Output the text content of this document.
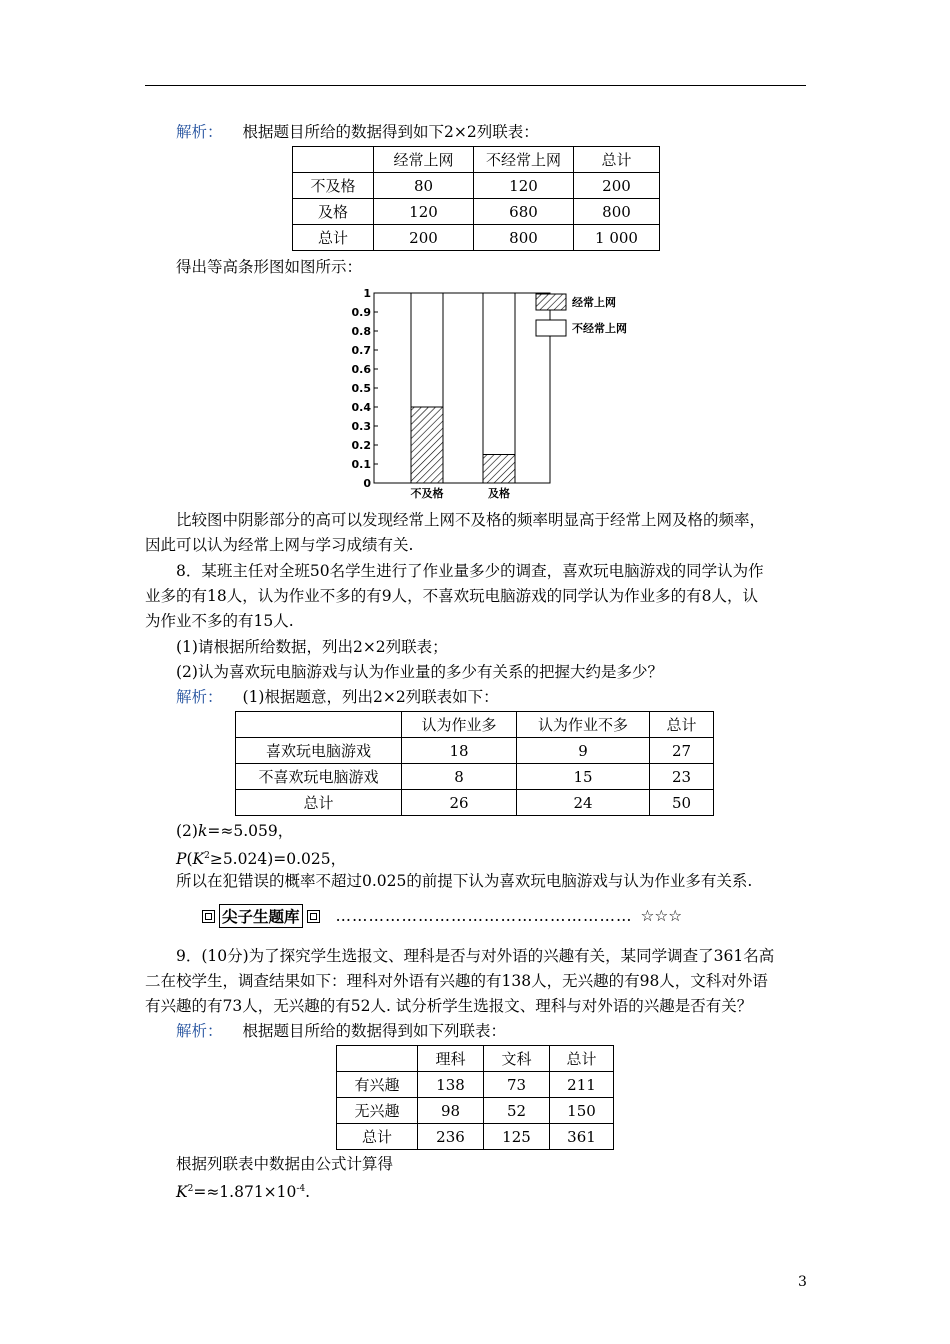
解析： 根据题目所给的数据得到如下2×2列联表：
	经常上网	不经常上网	总计
不及格	80	120	200
及格	120	680	800
总计	200	800	1 000
得出等高条形图如图所示：
0
0.1
0.2
0.3
0.4
0.5
0.6
0.7
0.8
0.9
1
不及格	及格
经常上网
不经常上网
比较图中阴影部分的高可以发现经常上网不及格的频率明显高于经常上网及格的频率，
因此可以认为经常上网与学习成绩有关.
8．某班主任对全班50名学生进行了作业量多少的调查，喜欢玩电脑游戏的同学认为作
业多的有18人，认为作业不多的有9人，不喜欢玩电脑游戏的同学认为作业多的有8人，认
为作业不多的有15人.
(1)请根据所给数据，列出2×2列联表；
(2)认为喜欢玩电脑游戏与认为作业量的多少有关系的把握大约是多少？
解析： (1)根据题意，列出2×2列联表如下：
	认为作业多	认为作业不多	总计
喜欢玩电脑游戏	18	9	27
不喜欢玩电脑游戏	8	15	23
总计	26	24	50
(2)k=≈5.059，
$P(K^2\ge 5.024)=0.025$，
所以在犯错误的概率不超过0.025的前提下认为喜欢玩电脑游戏与认为作业多有关系.
尖子生题库 ……………………………………………… ☆☆☆
9．(10分)为了探究学生选报文、理科是否与对外语的兴趣有关，某同学调查了361名高
二在校学生，调查结果如下：理科对外语有兴趣的有138人，无兴趣的有98人，文科对外语
有兴趣的有73人，无兴趣的有52人. 试分析学生选报文、理科与对外语的兴趣是否有关？
解析： 根据题目所给的数据得到如下列联表：
	理科	文科	总计
有兴趣	138	73	211
无兴趣	98	52	150
总计	236	125	361
根据列联表中数据由公式计算得
$K^2=\approx 1.871\times 10^{-4}$.
3
